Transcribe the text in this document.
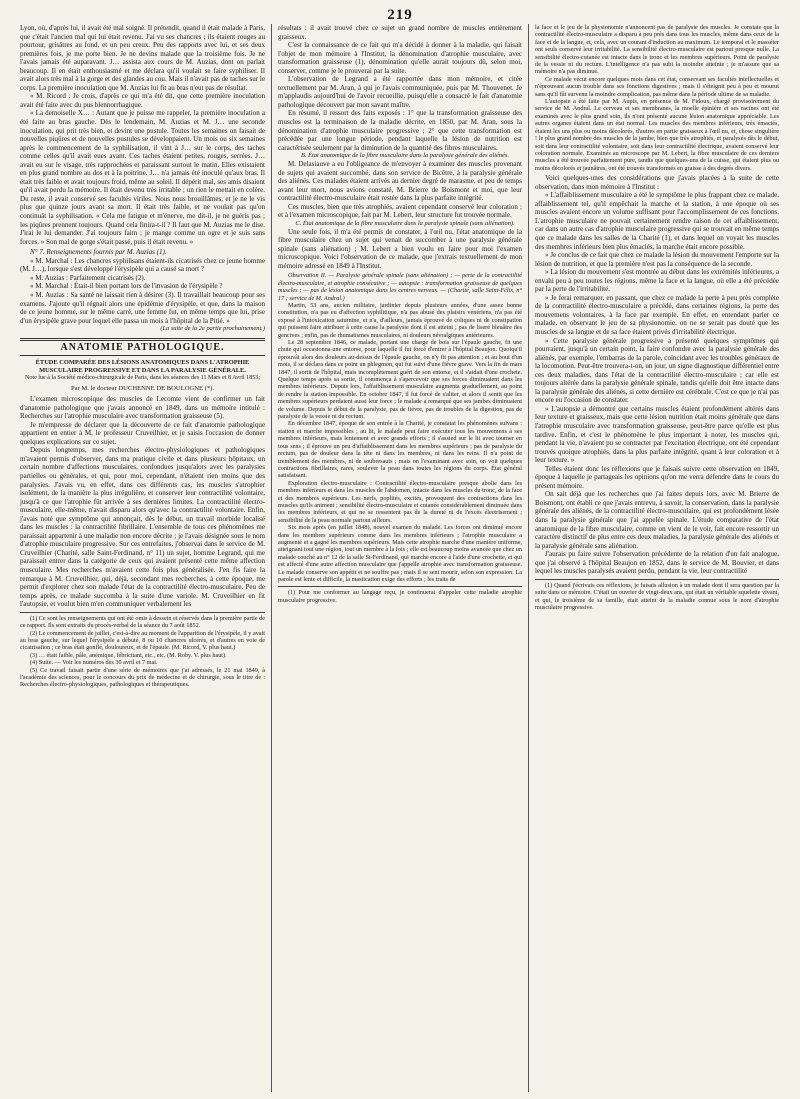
219

Lyon, où, d'après lui, il avait été mal soigné. Il prétendit, quand il était malade à Paris, que c'était l'ancien mal qui lui était revenu. J'ai vu ses chancres ; ils étaient rouges au pourtour, grisâtres au fond, et un peu creux. Peu des rapports avec lui, et ses deux premières fois, je me porte bien. Je ne devins malade que la troisième fois. Je ne l'avais jamais été auparavant. J… assista aux cours de M. Auzias, dont on parlait beaucoup. Il en était enthousiasmé et me déclara qu'il voulait se faire syphiliser. Il avait alors très mal à la gorge et des glandes au cou. Mais il n'avait pas de taches sur le corps. La première inoculation que M. Auzias lui fit au bras n'eut pas de résultat.

« M. Ricord : Je crois, d'après ce qui m'a été dit, que cette première inoculation avait été faite avec du pus blennorrhagique.

« La demoiselle X… : Autant que je puisse me rappeler, la première inoculation a été faite au bras gauche. Dès le lendemain, M. Auzias et M. J… une seconde inoculation, qui prit très bien, et devint une pustule. Toutes les semaines on faisait de nouvelles piqûres et de nouvelles pustules se développaient. Un mois ou six semaines après le commencement de la syphilisation, il vint à J… sur le corps, des taches comme celles qu'il avait eues avant. Ces taches étaient petites, rouges, serrées. J… avait eu sur le visage, très rapprochées et paraissant surtout le matin. Elles existaient en plus grand nombre au dos et à la poitrine. J… n'a jamais été inoculé qu'aux bras. Il était très faible et avait toujours froid, même au soleil. Il dépérit mal, ses amis disaient qu'il avait perdu la mémoire. Il était devenu très irritable ; un rien le mettait en colère. Du reste, il avait conservé ses facultés viriles. Nous nous brouillâmes, et je ne le vis plus que quinze jours avant sa mort. Il était très faible, et ne voulait pas qu'on continuât la syphilisation. « Cela me fatigue et m'énerve, me dit-il, je ne guéris pas ; les piqûres prennent toujours. Quand cela finira-t-il ? Il faut que M. Auzias me le dise. J'irai le lui demander. J'ai toujours faim ; je mange comme un ogre et je suis sans forces. » Son mal de gorge s'était passé, puis il était revenu. »

N° 7. Renseignements fournis par M. Auzias (1).

« M. Marchal : Les chancres syphilisans étaient-ils cicatrisés chez ce jeune homme (M. J…), lorsque s'est développé l'érysipèle qui a causé sa mort ?

« M. Auzias : Parfaitement cicatrisés (2).

« M. Marchal : Était-il bien portant lors de l'invasion de l'érysipèle ?

« M. Auzias : Sa santé ne laissait rien à désirer (3). Il travaillait beaucoup pour ses examens. J'ajoute qu'il régnait alors une épidémie d'érysipèle, et que, dans la maison de ce jeune homme, sur le même carré, une femme fut, en même temps que lui, prise d'un érysipèle grave pour lequel elle passa un mois à l'hôpital de la Pitié. »

(La suite de la 2e partie prochainement.)
ANATOMIE PATHOLOGIQUE.
ÉTUDE COMPARÉE DES LÉSIONS ANATOMIQUES DANS L'ATROPHIE MUSCULAIRE PROGRESSIVE ET DANS LA PARALYSIE GÉNÉRALE.
Note lue à la Société médico-chirurgicale de Paris, dans les séances des 11 Mars et 8 Avril 1853;
Par M. le docteur DUCHENNE DE BOULOGNE (*).

L'examen microscopique des muscles de Lecomte vient de confirmer un fait d'anatomie pathologique que j'avais annoncé en 1849, dans un mémoire intitulé : Recherches sur l'atrophie musculaire avec transformation graisseuse (5).

Je m'empresse de déclarer que la découverte de ce fait d'anatomie pathologique appartient en entier à M. le professeur Cruveilhier, et je saisis l'occasion de donner quelques explications sur ce sujet.

Depuis longtemps, mes recherches électro-physiologiques et pathologiques m'avaient permis d'observer, dans ma pratique civile et dans plusieurs hôpitaux, un certain nombre d'affections musculaires, confondues jusqu'alors avec les paralysies partielles ou générales, et qui, pour moi, cependant, n'étaient rien moins que des paralysies. J'avais vu, en effet, dans ces différents cas, les muscles s'atrophier isolément, de la manière la plus irrégulière, et conserver leur contractilité volontaire, jusqu'à ce que l'atrophie fût arrivée à ses dernières limites. La contractilité électro-musculaire, elle-même, n'avait disparu alors qu'avec la contractilité volontaire. Enfin, j'avais noté que symptôme qui annonçait, dès le début, un travail morbide localisé dans les muscles : la contractilité fibrillaire. L'ensemble de tous ces phénomènes me paraissait appartenir à une maladie non encore décrite ; je l'avais désignée sous le nom d'atrophie musculaire progressive. Sur ces entrefaites, j'observai dans le service de M. Cruveilhier (Charité, salle Saint-Ferdinand, n° 11) un sujet, homme Legrand, qui me paraissait entrer dans la catégorie de ceux qui avaient présenté cette même affection musculaire. Mes recherches m'avaient cette fois plus généralisée. J'en fis faire la remarque à M. Cruveilhier, qui, déjà, secondant mes recherches, à cette époque, me permit d'explorer chez son malade l'état de la contractilité électro-musculaire. Peu de temps après, ce malade succomba à la suite d'une variole. M. Cruveilhier en fit l'autopsie, et voulut bien m'en communiquer verbalement les

(1) Ce sont les renseignements qui ont été omis à dessein et réservés dans la première partie de ce rapport. Ils sont extraits du procès-verbal de la séance du 7 août 1852.

(2) Le commencement de juillet, c'est-à-dire au moment de l'apparition de l'érysipèle, il y avait au bras gauche, sur lequel l'érysipèle a débuté, 8 ou 10 chancres ulcérés, et d'autres en voie de cicatrisation ; ce bras était gonflé, douloureux, et de l'épaule. (M. Ricord, V. plus haut.)

(3) … était faible, pâle, anémique, fébricitant, etc., etc. (M. Roby. V. plus haut).

(4) Suite. — Voir les numéros des 30 avril et 7 mai.

(5) Ce travail faisait partie d'une série de mémoires que j'ai adressés, le 21 mai 1849, à l'académie des sciences, pour le concours du prix de médecine et de chirurgie, sous le titre de : Recherches électro-physiologiques, pathologiques et thérapeutiques.

résultats : il avait trouvé chez ce sujet un grand nombre de muscles entièrement graisseux.

C'est la connaissance de ce fait qui m'a décidé à donner à la maladie, qui faisait l'objet de mon mémoire à l'Institut, la dénomination d'atrophie musculaire, avec transformation graisseuse (1), dénomination qu'elle aurait toujours dû, selon moi, conserver, comme je le prouverai par la suite.

L'observation de Legrand a été rapportée dans mon mémoire, et citée textuellement par M. Aran, à qui je l'avais communiquée, puis par M. Thouvenet. Je m'applaudis aujourd'hui de l'avoir recueillie, puisqu'elle a consacré le fait d'anatomie pathologique découvert par mon savant maître.

En résumé, il ressort des faits exposés : 1° que la transformation graisseuse des muscles est la terminaison de la maladie décrite, en 1850, par M. Aran, sous la dénomination d'atrophie musculaire progressive ; 2° que cette transformation est précédée par une longue période, pendant laquelle la lésion de nutrition est caractérisée seulement par la diminution de la quantité des fibres musculaires.

B. État anatomique de la fibre musculaire dans la paralysie générale des aliénés.

M. Delasiauve a eu l'obligeance de m'envoyer à examiner des muscles provenant de sujets qui avaient succombé, dans son service de Bicêtre, à la paralysie générale des aliénés. Ces malades étaient arrivés au dernier degré de marasme, et peu de temps avant leur mort, nous avions constaté, M. Brierre de Boismont et moi, que leur contractilité électro-musculaire était restée dans la plus parfaite intégrité.

Ces muscles, bien que très atrophiés, avaient cependant conservé leur coloration ; et à l'examen microscopique, fait par M. Lebert, leur structure fut trouvée normale.

C. État anatomique de la fibre musculaire dans la paralysie spinale (sans aliénation).

Une seule fois, il m'a été permis de constater, à l'œil nu, l'état anatomique de la fibre musculaire chez un sujet qui venait de succomber à une paralysie générale spinale (sans aliénation) ; M. Lebert a bien voulu en faire pour moi l'examen microscopique. Voici l'observation de ce malade, que j'extrais textuellement de mon mémoire adressé en 1849 à l'Institut.

Observation II. — Paralysie générale spinale (sans aliénation) ; — perte de la contractilité électro-musculaire, et atrophie consécutive ; — autopsie : transformation graisseuse de quelques muscles ; — pas de lésion anatomique dans les centres nerveux. — (Charité, salle Saint-Félix, n° 17 ; service de M. Andral.)

Martin, 53 ans, ancien militaire, jardinier depuis plusieurs années, d'une assez bonne constitution, n'a pas eu d'affection syphilitique, n'a pas abusé des plaisirs vénériens, n'a pas été exposé à l'intoxication saturnine, et n'a, d'ailleurs, jamais éprouvé de coliques ni de constipation qui puissent faire attribuer à cette cause la paralysie dont il est atteint ; pas de liseré bleuâtre des gencives ; enfin, pas de rhumatismes musculaires, ni douleurs névralgiques antérieures.

Le 28 septembre 1846, ce malade, portant une charge de bois sur l'épaule gauche, fit une chute qui occasionna une entorse, pour laquelle il fut forcé d'entrer à l'hôpital Beaujon. Quoiqu'il éprouvât alors des douleurs au-dessus de l'épaule gauche, on n'y fit pas attention ; et au bout d'un mois, il se déclara dans ce point un phlegmon, qui fut suivi d'une fièvre grave. Vers la fin de mars 1847, il sortit de l'hôpital, mais incomplètement guéri de son entorse, et il s'aidait d'une crochete. Quelque temps après sa sortie, il commença à s'apercevoir que ses forces diminuaient dans les membres inférieurs. Depuis lors, l'affaiblissement musculaire augmenta graduellement, au point de rendre la station impossible. En octobre 1847, il fut forcé de s'aliter, et alors il sentit que les membres supérieurs perdaient aussi leur force ; le malade a remarqué que ses jambes diminuaient de volume. Depuis le début de la paralysie, pas de fièvre, pas de troubles de la digestion, pas de paralysie de la vessie ni du rectum.

En décembre 1847, époque de son entrée à la Charité, je constatai les phénomènes suivans : station et marche impossibles ; au lit, le malade peut faire exécuter tous les mouvemens à ses membres inférieurs, mais lentement et avec grands efforts ; il s'assied sur le lit avec tourner en tous sens ; il éprouve un peu d'affaiblissement dans les membres supérieurs ; pas de paralysie du rectum, pas de douleur dans la tête ni dans les membres, ni dans les reins. Il n'a point de tremblement des membres, ni de soubresauts ; mais on l'examinant avec soin, on voit quelques contractions fibrillaires, rares, soulever la peau dans toutes les régions du corps. État général satisfaisant.

Exploration électro-musculaire : Contractilité électro-musculaire presque abolie dans les membres inférieurs et dans les muscles de l'abdomen, intacte dans les muscles du tronc, de la face et des membres supérieurs. Les nerfs, poplités, excités, provoquent des contractions dans les muscles qu'ils animent ; sensibilité électro-musculaire et cutanée considérablement diminuée dans les membres inférieurs, et qui ne se ressentent pas de la dureté ni de l'excès électrisement ; sensibilité de la peau normale partout ailleurs.

Six mois après (en juillet 1848), nouvel examen du malade. Les forces ont diminué encore dans les membres supérieurs comme dans les membres inférieurs ; l'atrophie musculaire a augmenté et a gagné les membres supérieurs. Mais cette atrophie marche d'une manière uniforme, atteignant tout une région, tout un membre à la fois ; elle est beaucoup moins avancée que chez un malade couché au n° 12 de la salle St-Ferdinand, qui marche encore à l'aide d'une crochette, et qui est affecté d'une autre affection musculaire que j'appelle atrophie avec transformation graisseuse. Le malade conserve son appétit et ne souffre pas ; mais il se sent mourir, selon son expression. La parole est lente et difficile, la mastication exige des efforts ; les traits de

(1) Pour me conformer au langage reçu, je continuerai d'appeler cette maladie atrophie musculaire progressive.

la face et le jeu de la physionomie n'annoncent pas de paralysie des muscles. Je constate que la contractilité électro-musculaire a disparu à peu près dans tous les muscles, même dans ceux de la face et de la langue, et, cela, avec un courant d'induction au maximum. Le temporal et le masséter ont seuls conservé leur irritabilité. La sensibilité électro-musculaire est partout presque nulle. La sensibilité électro-cutanée est intacte dans le tronc et les membres supérieurs. Point de paralysie de la vessie ni du rectum. L'intelligence n'a pas subi la moindre atteinte ; je m'assure que sa mémoire n'a pas diminué.

Ce malade vécut encore quelques mois dans cet état, conservant ses facultés intellectuelles et n'éprouvant aucun trouble dans ses fonctions digestives ; mais il s'éteignit peu à peu et mourut sans qu'il fût survenu la moindre complication, pas même dans la période ultime de sa maladie.

L'autopsie a été faite par M. Aupis, en présence de M. Fidoux, chargé provisoirement du service de M. Andral. Le cerveau et ses membranes, la moelle épinière et ses racines ont été examinés avec le plus grand soin, ils n'ont présenté aucune lésion anatomique appréciable. Les autres organes étaient dans un état normal. Les muscles des membres inférieurs, très émaciés, étaient les uns plus ou moins décolorés, d'autres en partie graisseux à l'œil nu, et, chose singulière ! le plus grand nombre des muscles de la jambe, bien que très atrophiés, et paralysés dès le début, soit dans leur contractilité volontaire, soit dans leur contractilité électrique, avaient conservé leur coloration normale. Examinés au microscope par M. Lebert, la fibre musculaire de ces derniers muscles a été trouvée parfaitement pure, tandis que quelques-uns de la cuisse, qui étaient plus ou moins décolorés et jaunâtres, ont été trouvés transformés en graisse à des degrés divers.

Voici quelques-unes des considérations que j'avais placées à la suite de cette observation, dans mon mémoire à l'Institut :

« L'affaiblissement musculaire a été le symptôme le plus frappant chez ce malade, affaiblissement tel, qu'il empêchait la marche et la station, à une époque où ses muscles avaient encore un volume suffisant pour l'accomplissement de ces fonctions. L'atrophie musculaire ne pouvait certainement rendre raison de cet affaiblissement, car dans un autre cas d'atrophie musculaire progressive qui se trouvait en même temps que ce malade dans les salles de la Charité (1), et dans lequel on voyait les muscles des membres inférieurs bien plus émaciés, la marche était encore possible.

» Je conclus de ce fait que chez ce malade la lésion du mouvement l'emporte sur la lésion de nutrition, et que la première n'est pas la conséquence de la seconde.

» La lésion du mouvement s'est montrée au début dans les extrémités inférieures, a envahi peu à peu toutes les régions, même la face et la langue, où elle a été précédée par la perte de l'irritabilité.

» Je ferai remarquer, en passant, que chez ce malade la perte à peu près complète de la contractilité électro-musculaire a précédé, dans certaines régions, la perte des mouvemens volontaires, à la face par exemple. En effet, en entendant parler ce malade, en observant le jeu de sa physionomie, on ne se serait pas douté que les muscles de sa langue et de sa face étaient privés d'irritabilité électrique.

» Cette paralysie générale progressive a présenté quelques symptômes qui pourraient, jusqu'à un certain point, la faire confondre avec la paralysie générale des aliénés, par exemple, l'embarras de la parole, coïncidant avec les troubles généraux de la locomotion. Peut-être trouvera-t-on, un jour, un signe diagnostique différentiel entre ces deux maladies, dans l'état de la contractilité électro-musculaire ; car elle est toujours altérée dans la paralysie générale spinale, tandis qu'elle doit être intacte dans la paralysie générale des aliénés, si cette dernière est cérébrale. C'est ce que je n'ai pas encore eu l'occasion de constater.

» L'autopsie a démontré que certains muscles étaient profondément altérés dans leur texture et graisseux, mais que cette lésion nutrition était moins générale que dans l'atrophie musculaire avec transformation graisseuse, peut-être parce qu'elle est plus tardive. Enfin, et c'est le phénomène le plus important à noter, les muscles qui, pendant la vie, n'avaient pu se contracter par l'excitation électrique, ont été cependant trouvés quoique atrophiés, dans la plus parfaite intégrité, quant à leur coloration et à leur texture. »

Telles étaient donc les réflexions que je faisais suivre cette observation en 1849, époque à laquelle je partageais les opinions qu'on me verra défendre dans le cours du présent mémoire.

On sait déjà que les recherches que j'ai faites depuis lors, avec M. Brierre de Boismont, ont établi ce que j'avais entrevu, à savoir, la conservation, dans la paralysie générale des aliénés, de la contractilité électro-musculaire, qui est profondément lésée dans la paralysie générale que j'ai appelée spinale. L'étude comparative de l'état anatomique de la fibre musculaire, comme on vient de le voir, fait encore ressortir un caractère distinctif de plus entre ces deux maladies, la paralysie générale des aliénés et la paralysie générale sans aliénation.

J'aurais pu faire suivre l'observation précédente de la relation d'un fait analogue, que j'ai observé à l'hôpital Beaujon en 1852, dans le service de M. Bouvier, et dans lequel les muscles paralysés avaient perdu, pendant la vie, leur contractilité

(1) Quand j'écrivais ces réflexions, je faisais allusion à un malade dont il sera question par la suite dans ce mémoire. C'était un ouvrier de vingt-deux ans, qui était un véritable squelette vivant, et qui, le troisième de sa famille, était atteint de la maladie connue sous le nom d'atrophie musculaire progressive.
